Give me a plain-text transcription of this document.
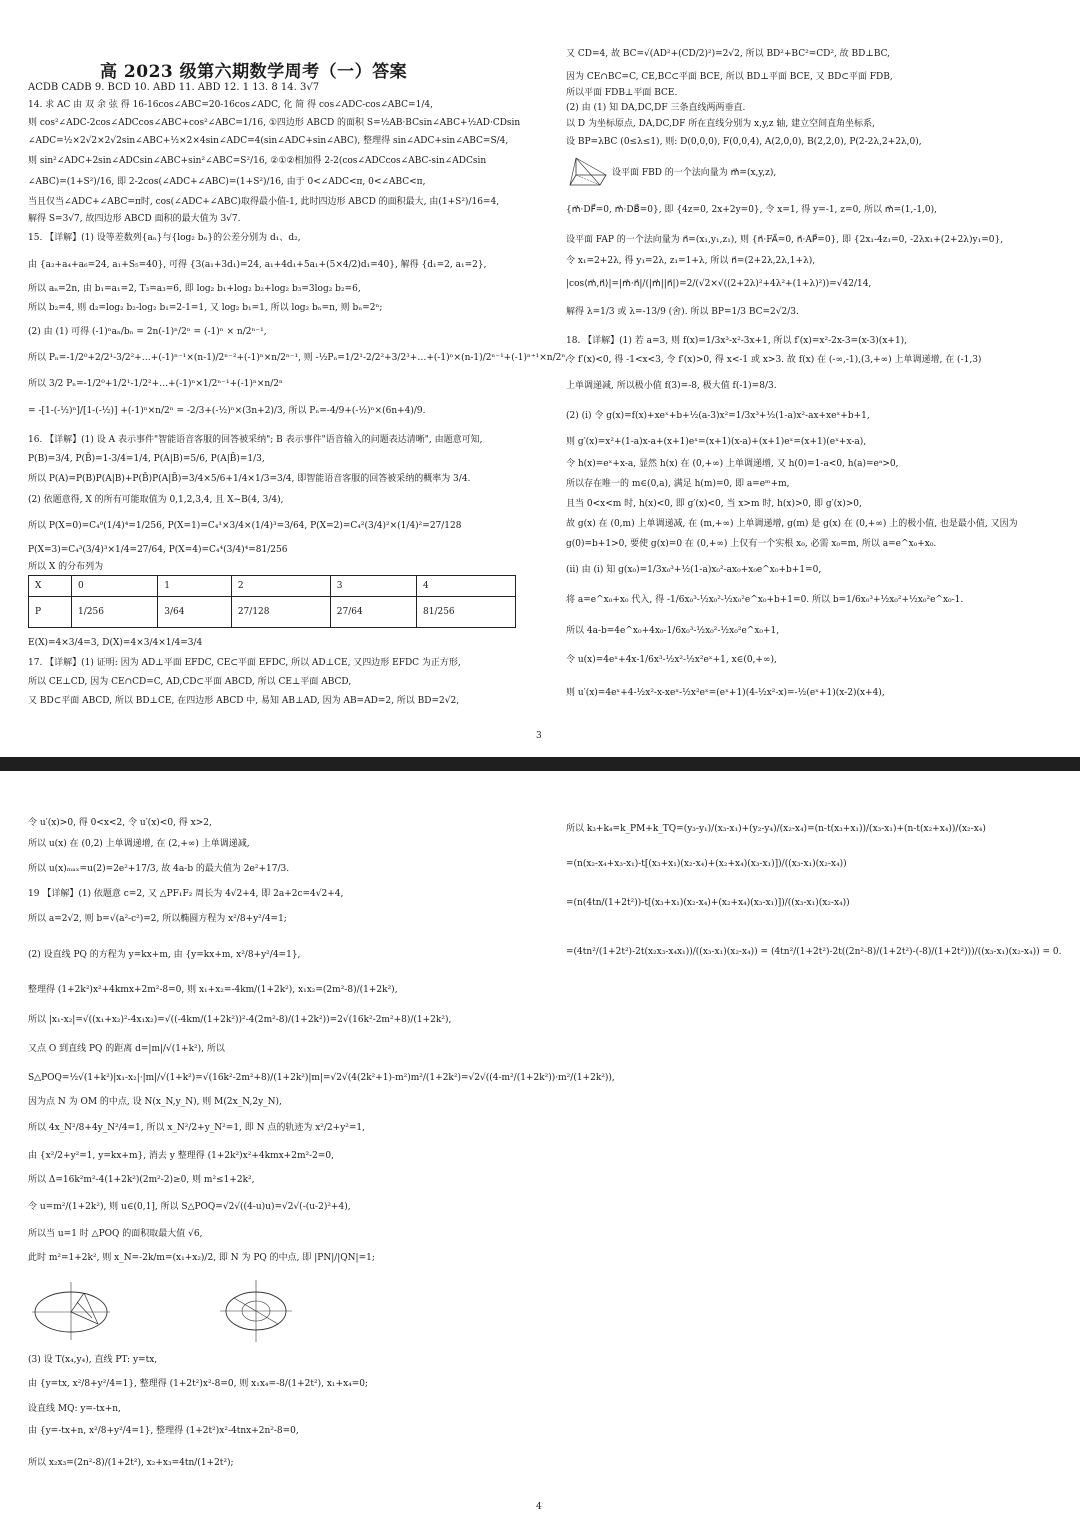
高 2023 级第六期数学周考（一）答案
ACDB CADB 9. BCD 10. ABD 11. ABD 12. 1 13. 8 14. 3√7
14. 求 AC 由 双 余 弦 得 16-16cos∠ABC=20-16cos∠ADC, 化 简 得 cos∠ADC-cos∠ABC=1/4,
则 cos²∠ADC-2cos∠ADCcos∠ABC+cos²∠ABC=1/16, ①四边形 ABCD 的面积 S=½AB·BCsin∠ABC+½AD·CDsin
∠ADC=½×2√2×2√2sin∠ABC+½×2×4sin∠ADC=4(sin∠ADC+sin∠ABC), 整理得 sin∠ADC+sin∠ABC=S/4,
则 sin²∠ADC+2sin∠ADCsin∠ABC+sin²∠ABC=S²/16, ②①②相加得 2-2(cos∠ADCcos∠ABC-sin∠ADCsin
∠ABC)=(1+S²)/16, 即 2-2cos(∠ADC+∠ABC)=(1+S²)/16, 由于 0<∠ADC<π, 0<∠ABC<π,
当且仅当∠ADC+∠ABC=π时, cos(∠ADC+∠ABC)取得最小值-1, 此时四边形 ABCD 的面积最大, 由(1+S²)/16=4,
解得 S=3√7, 故四边形 ABCD 面积的最大值为 3√7.
15. 【详解】(1) 设等差数列{aₙ}与{log₂ bₙ}的公差分别为 d₁、d₂,
由 {a₂+a₄+a₆=24, a₁+S₅=40}, 可得 {3(a₁+3d₁)=24, a₁+4d₁+5a₁+(5×4/2)d₁=40}, 解得 {d₁=2, a₁=2},
所以 aₙ=2n, 由 b₁=a₁=2, T₃=a₃=6, 即 log₂ b₁+log₂ b₂+log₂ b₃=3log₂ b₂=6,
所以 b₂=4, 则 d₂=log₂ b₂-log₂ b₁=2-1=1, 又 log₂ b₁=1, 所以 log₂ bₙ=n, 则 bₙ=2ⁿ;
(2) 由 (1) 可得 (-1)ⁿaₙ/bₙ = 2n(-1)ⁿ/2ⁿ = (-1)ⁿ × n/2ⁿ⁻¹,
所以 Pₙ=-1/2⁰+2/2¹-3/2²+…+(-1)ⁿ⁻¹×(n-1)/2ⁿ⁻²+(-1)ⁿ×n/2ⁿ⁻¹, 则 -½Pₙ=1/2¹-2/2²+3/2³+…+(-1)ⁿ×(n-1)/2ⁿ⁻¹+(-1)ⁿ⁺¹×n/2ⁿ,
所以 3/2 Pₙ=-1/2⁰+1/2¹-1/2²+…+(-1)ⁿ×1/2ⁿ⁻¹+(-1)ⁿ×n/2ⁿ
= -[1-(-½)ⁿ]/[1-(-½)] +(-1)ⁿ×n/2ⁿ = -2/3+(-½)ⁿ×(3n+2)/3, 所以 Pₙ=-4/9+(-½)ⁿ×(6n+4)/9.
16. 【详解】(1) 设 A 表示事件"智能语音客服的回答被采纳"; B 表示事件"语音输入的问题表达清晰", 由题意可知,
P(B)=3/4, P(B̄)=1-3/4=1/4, P(A|B)=5/6, P(A|B̄)=1/3,
所以 P(A)=P(B)P(A|B)+P(B̄)P(A|B̄)=3/4×5/6+1/4×1/3=3/4, 即智能语音客服的回答被采纳的概率为 3/4.
(2) 依题意得, X 的所有可能取值为 0,1,2,3,4, 且 X~B(4, 3/4),
所以 P(X=0)=C₄⁰(1/4)⁴=1/256, P(X=1)=C₄¹×3/4×(1/4)³=3/64, P(X=2)=C₄²(3/4)²×(1/4)²=27/128
P(X=3)=C₄³(3/4)³×1/4=27/64, P(X=4)=C₄⁴(3/4)⁴=81/256
所以 X 的分布列为
X	0	1	2	3	4
P	1/256	3/64	27/128	27/64	81/256
E(X)=4×3/4=3, D(X)=4×3/4×1/4=3/4
17. 【详解】(1) 证明: 因为 AD⊥平面 EFDC, CE⊂平面 EFDC, 所以 AD⊥CE, 又四边形 EFDC 为正方形,
所以 CE⊥CD, 因为 CE∩CD=C, AD,CD⊂平面 ABCD, 所以 CE⊥平面 ABCD,
又 BD⊂平面 ABCD, 所以 BD⊥CE, 在四边形 ABCD 中, 易知 AB⊥AD, 因为 AB=AD=2, 所以 BD=2√2,
又 CD=4, 故 BC=√(AD²+(CD/2)²)=2√2, 所以 BD²+BC²=CD², 故 BD⊥BC,
因为 CE∩BC=C, CE,BC⊂平面 BCE, 所以 BD⊥平面 BCE, 又 BD⊂平面 FDB,
所以平面 FDB⊥平面 BCE.
(2) 由 (1) 知 DA,DC,DF 三条直线两两垂直.
以 D 为坐标原点, DA,DC,DF 所在直线分别为 x,y,z 轴, 建立空间直角坐标系,
设 BP=λBC (0≤λ≤1), 则: D(0,0,0), F(0,0,4), A(2,0,0), B(2,2,0), P(2-2λ,2+2λ,0),
设平面 FBD 的一个法向量为 m⃗=(x,y,z),
{m⃗·DF⃗=0, m⃗·DB⃗=0}, 即 {4z=0, 2x+2y=0}, 令 x=1, 得 y=-1, z=0, 所以 m⃗=(1,-1,0),
设平面 FAP 的一个法向量为 n⃗=(x₁,y₁,z₁), 则 {n⃗·FA⃗=0, n⃗·AP⃗=0}, 即 {2x₁-4z₁=0, -2λx₁+(2+2λ)y₁=0},
令 x₁=2+2λ, 得 y₁=2λ, z₁=1+λ, 所以 n⃗=(2+2λ,2λ,1+λ),
|cos⟨m⃗,n⃗⟩|=|m⃗·n⃗|/(|m⃗||n⃗|)=2/(√2×√((2+2λ)²+4λ²+(1+λ)²))=√42/14,
解得 λ=1/3 或 λ=-13/9 (舍). 所以 BP=1/3 BC=2√2/3.
18. 【详解】(1) 若 a=3, 则 f(x)=1/3x³-x²-3x+1, 所以 f′(x)=x²-2x-3=(x-3)(x+1),
令 f′(x)<0, 得 -1<x<3, 令 f′(x)>0, 得 x<-1 或 x>3. 故 f(x) 在 (-∞,-1),(3,+∞) 上单调递增, 在 (-1,3)
上单调递减, 所以极小值 f(3)=-8, 极大值 f(-1)=8/3.
(2) (i) 令 g(x)=f(x)+xeˣ+b+½(a-3)x²=1/3x³+½(1-a)x²-ax+xeˣ+b+1,
则 g′(x)=x²+(1-a)x-a+(x+1)eˣ=(x+1)(x-a)+(x+1)eˣ=(x+1)(eˣ+x-a),
令 h(x)=eˣ+x-a, 显然 h(x) 在 (0,+∞) 上单调递增, 又 h(0)=1-a<0, h(a)=eᵃ>0,
所以存在唯一的 m∈(0,a), 满足 h(m)=0, 即 a=eᵐ+m,
且当 0<x<m 时, h(x)<0, 即 g′(x)<0, 当 x>m 时, h(x)>0, 即 g′(x)>0,
故 g(x) 在 (0,m) 上单调递减, 在 (m,+∞) 上单调递增, g(m) 是 g(x) 在 (0,+∞) 上的极小值, 也是最小值, 又因为
g(0)=b+1>0, 要使 g(x)=0 在 (0,+∞) 上仅有一个实根 x₀, 必需 x₀=m, 所以 a=e^x₀+x₀.
(ii) 由 (i) 知 g(x₀)=1/3x₀³+½(1-a)x₀²-ax₀+x₀e^x₀+b+1=0,
将 a=e^x₀+x₀ 代入, 得 -1/6x₀³-½x₀²-½x₀²e^x₀+b+1=0. 所以 b=1/6x₀³+½x₀²+½x₀²e^x₀-1.
所以 4a-b=4e^x₀+4x₀-1/6x₀³-½x₀²-½x₀²e^x₀+1,
令 u(x)=4eˣ+4x-1/6x³-½x²-½x²eˣ+1, x∈(0,+∞),
则 u′(x)=4eˣ+4-½x²-x-xeˣ-½x²eˣ=(eˣ+1)(4-½x²-x)=-½(eˣ+1)(x-2)(x+4),
3
令 u′(x)>0, 得 0<x<2, 令 u′(x)<0, 得 x>2,
所以 u(x) 在 (0,2) 上单调递增, 在 (2,+∞) 上单调递减,
所以 u(x)ₘₐₓ=u(2)=2e²+17/3, 故 4a-b 的最大值为 2e²+17/3.
19 【详解】(1) 依题意 c=2, 又 △PF₁F₂ 周长为 4√2+4, 即 2a+2c=4√2+4,
所以 a=2√2, 则 b=√(a²-c²)=2, 所以椭圆方程为 x²/8+y²/4=1;
(2) 设直线 PQ 的方程为 y=kx+m, 由 {y=kx+m, x²/8+y²/4=1},
整理得 (1+2k²)x²+4kmx+2m²-8=0, 则 x₁+x₂=-4km/(1+2k²), x₁x₂=(2m²-8)/(1+2k²),
所以 |x₁-x₂|=√((x₁+x₂)²-4x₁x₂)=√((-4km/(1+2k²))²-4(2m²-8)/(1+2k²))=2√(16k²-2m²+8)/(1+2k²),
又点 O 到直线 PQ 的距离 d=|m|/√(1+k²), 所以
S△POQ=½√(1+k²)|x₁-x₂|·|m|/√(1+k²)=√(16k²-2m²+8)/(1+2k²)|m|=√2√(4(2k²+1)-m²)m²/(1+2k²)=√2√((4-m²/(1+2k²))·m²/(1+2k²)),
因为点 N 为 OM 的中点, 设 N(x_N,y_N), 则 M(2x_N,2y_N),
所以 4x_N²/8+4y_N²/4=1, 所以 x_N²/2+y_N²=1, 即 N 点的轨迹为 x²/2+y²=1,
由 {x²/2+y²=1, y=kx+m}, 消去 y 整理得 (1+2k²)x²+4kmx+2m²-2=0,
所以 Δ=16k²m²-4(1+2k²)(2m²-2)≥0, 则 m²≤1+2k²,
令 u=m²/(1+2k²), 则 u∈(0,1], 所以 S△POQ=√2√((4-u)u)=√2√(-(u-2)²+4),
所以当 u=1 时 △POQ 的面积取最大值 √6,
此时 m²=1+2k², 则 x_N=-2k/m=(x₁+x₂)/2, 即 N 为 PQ 的中点, 即 |PN|/|QN|=1;
(3) 设 T(x₄,y₄), 直线 PT: y=tx,
由 {y=tx, x²/8+y²/4=1}, 整理得 (1+2t²)x²-8=0, 则 x₁x₄=-8/(1+2t²), x₁+x₄=0;
设直线 MQ: y=-tx+n,
由 {y=-tx+n, x²/8+y²/4=1}, 整理得 (1+2t²)x²-4tnx+2n²-8=0,
所以 x₂x₃=(2n²-8)/(1+2t²), x₂+x₃=4tn/(1+2t²);
所以 k₃+k₄=k_PM+k_TQ=(y₃-y₁)/(x₃-x₁)+(y₂-y₄)/(x₂-x₄)=(n-t(x₃+x₁))/(x₃-x₁)+(n-t(x₂+x₄))/(x₂-x₄)
=(n(x₂-x₄+x₃-x₁)-t[(x₃+x₁)(x₂-x₄)+(x₂+x₄)(x₃-x₁)])/((x₃-x₁)(x₂-x₄))
=(n(4tn/(1+2t²))-t[(x₃+x₁)(x₂-x₄)+(x₂+x₄)(x₃-x₁)])/((x₃-x₁)(x₂-x₄))
=(4tn²/(1+2t²)-2t(x₂x₃-x₄x₁))/((x₃-x₁)(x₂-x₄)) = (4tn²/(1+2t²)-2t((2n²-8)/(1+2t²)-(-8)/(1+2t²)))/((x₃-x₁)(x₂-x₄)) = 0.
4
